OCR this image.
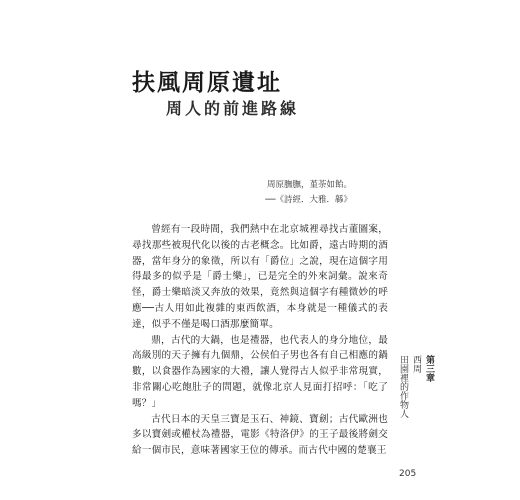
扶風周原遺址
周人的前進路線

周原膴膴，堇荼如飴。

──《詩經．大雅．緜》

曾經有一段時間，我們熱中在北京城裡尋找古董圖案，尋找那些被現代化以後的古老概念。比如爵，遠古時期的酒器，當年身分的象徵，所以有「爵位」之說，現在這個字用得最多的似乎是「爵士樂」，已是完全的外來詞彙。說來奇怪，爵士樂暗淡又奔放的效果，竟然與這個字有種微妙的呼應──古人用如此複雜的東西飲酒，本身就是一種儀式的表達，似乎不僅是喝口酒那麼簡單。

鼎，古代的大鍋，也是禮器，也代表人的身分地位，最高級別的天子擁有九個鼎，公侯伯子男也各有自己相應的鍋數，以食器作為國家的大禮，讓人覺得古人似乎非常現實，非常關心吃飽肚子的問題，就像北京人見面打招呼：「吃了嗎？」

古代日本的天皇三寶是玉石、神鏡、寶劍；古代歐洲也多以寶劍或權杖為禮器，電影《特洛伊》的王子最後將劍交給一個市民，意味著國家王位的傳承。而古代中國的楚襄王

第三章
西周
田園裡的作物人
205
